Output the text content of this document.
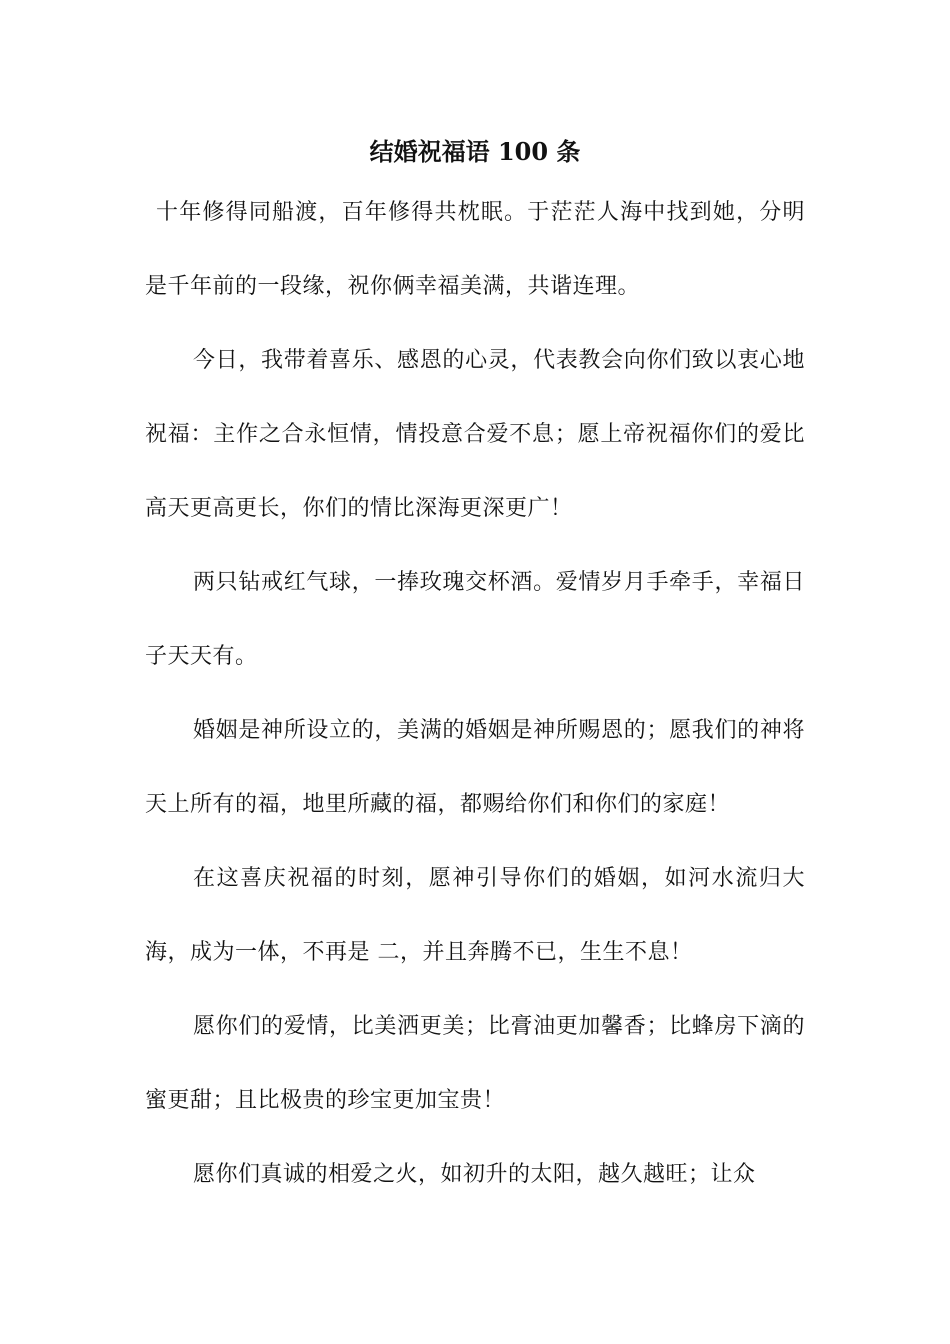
结婚祝福语 100 条

十年修得同船渡，百年修得共枕眠。于茫茫人海中找到她，分明是千年前的一段缘，祝你俩幸福美满，共谐连理。

今日，我带着喜乐、感恩的心灵，代表教会向你们致以衷心地祝福：主作之合永恒情，情投意合爱不息；愿上帝祝福你们的爱比高天更高更长，你们的情比深海更深更广！

两只钻戒红气球，一捧玫瑰交杯酒。爱情岁月手牵手，幸福日子天天有。

婚姻是神所设立的，美满的婚姻是神所赐恩的；愿我们的神将天上所有的福，地里所藏的福，都赐给你们和你们的家庭！

在这喜庆祝福的时刻，愿神引导你们的婚姻，如河水流归大海，成为一体，不再是 二，并且奔腾不已，生生不息！

愿你们的爱情，比美洒更美；比膏油更加馨香；比蜂房下滴的蜜更甜；且比极贵的珍宝更加宝贵！

愿你们真诚的相爱之火，如初升的太阳，越久越旺；让众
